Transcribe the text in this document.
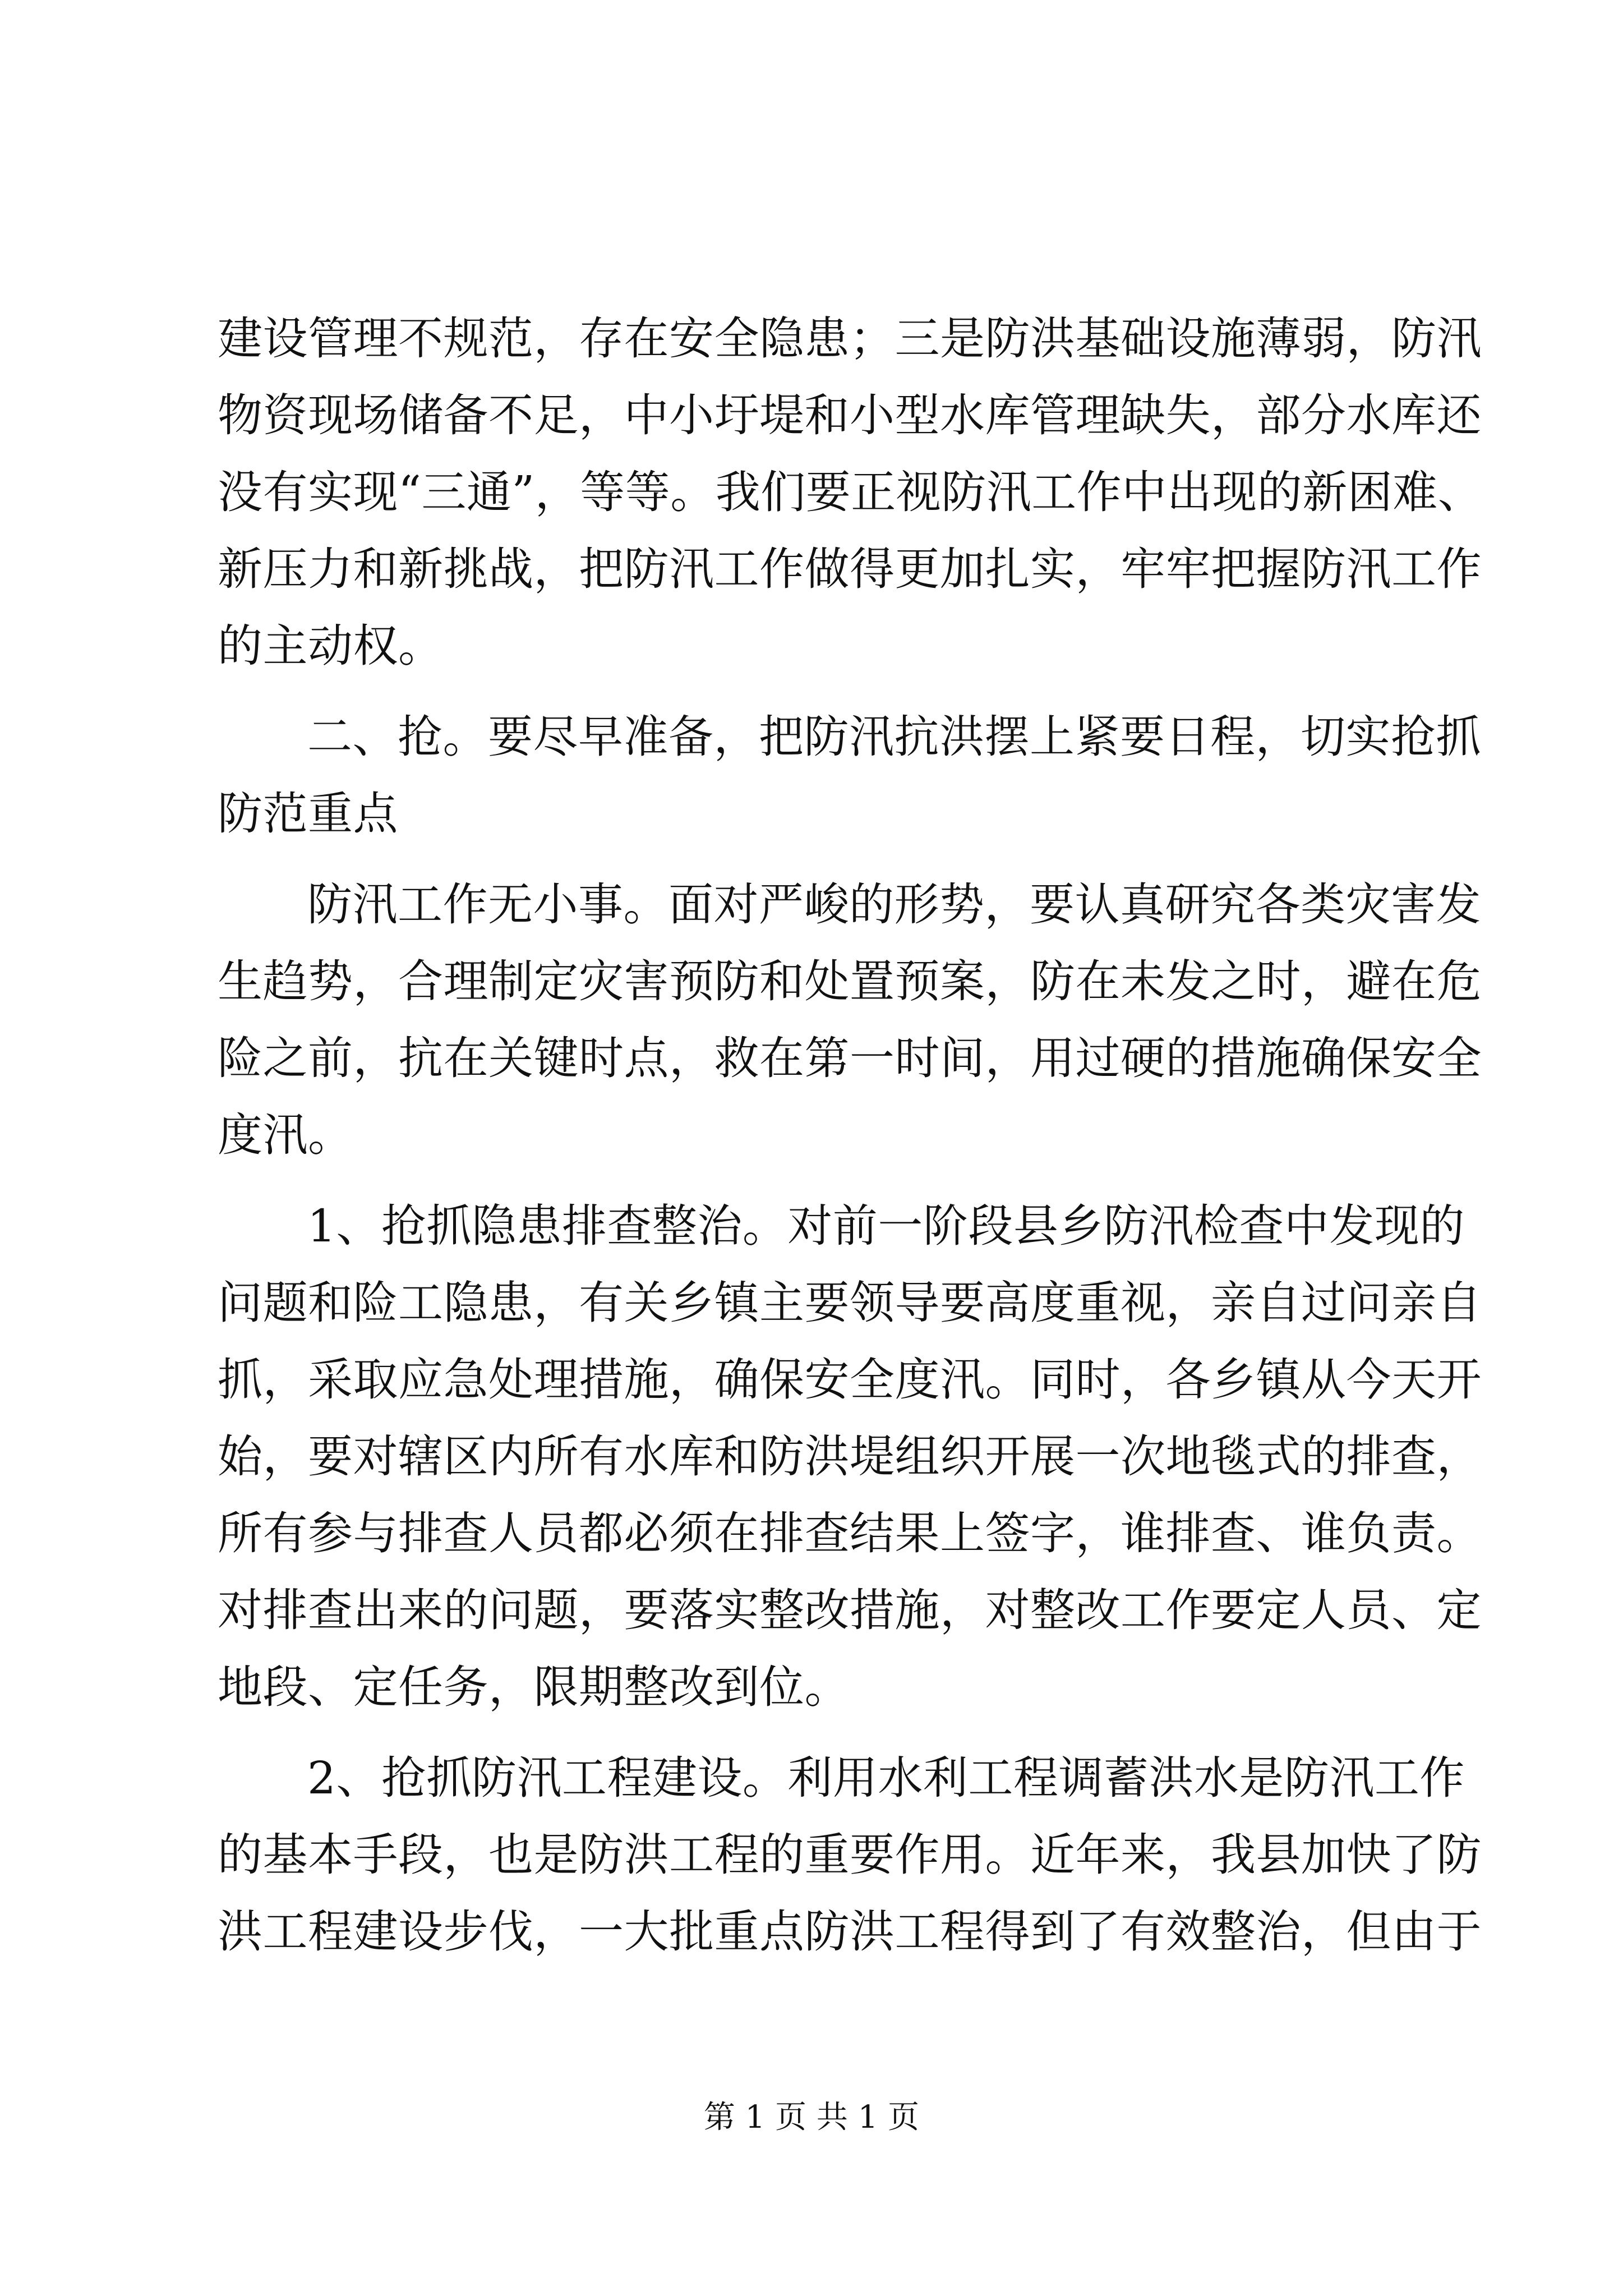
建设管理不规范，存在安全隐患；三是防洪基础设施薄弱，防汛
物资现场储备不足，中小圩堤和小型水库管理缺失，部分水库还
没有实现“三通”，等等。我们要正视防汛工作中出现的新困难、
新压力和新挑战，把防汛工作做得更加扎实，牢牢把握防汛工作
的主动权。
二、抢。要尽早准备，把防汛抗洪摆上紧要日程，切实抢抓
防范重点
防汛工作无小事。面对严峻的形势，要认真研究各类灾害发
生趋势，合理制定灾害预防和处置预案，防在未发之时，避在危
险之前，抗在关键时点，救在第一时间，用过硬的措施确保安全
度汛。
1、抢抓隐患排查整治。对前一阶段县乡防汛检查中发现的
问题和险工隐患，有关乡镇主要领导要高度重视，亲自过问亲自
抓，采取应急处理措施，确保安全度汛。同时，各乡镇从今天开
始，要对辖区内所有水库和防洪堤组织开展一次地毯式的排查，
所有参与排查人员都必须在排查结果上签字，谁排查、谁负责。
对排查出来的问题，要落实整改措施，对整改工作要定人员、定
地段、定任务，限期整改到位。
2、抢抓防汛工程建设。利用水利工程调蓄洪水是防汛工作
的基本手段，也是防洪工程的重要作用。近年来，我县加快了防
洪工程建设步伐，一大批重点防洪工程得到了有效整治，但由于
第 1 页 共 1 页
